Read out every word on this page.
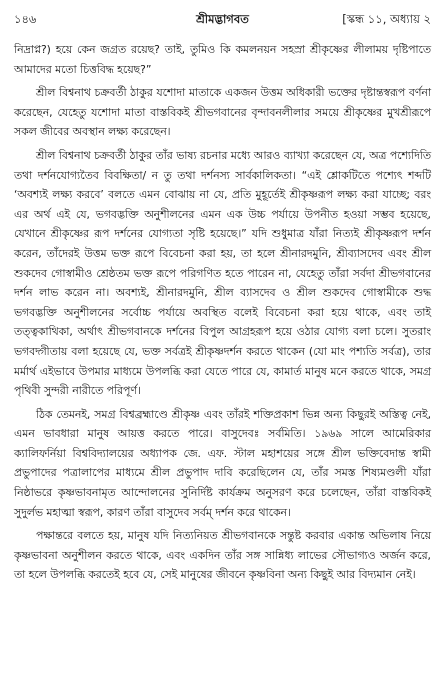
১৪৬	শ্রীমদ্ভাগবত	[স্কন্ধ ১১, অধ্যায় ২

নিদ্রাপ্ন?) হয়ে কেন জগ্রত রয়েছ? তাই, তুমিও কি কমলনয়ন সহস্রা শ্রীকৃষ্ণের লীলাময় দৃষ্টিপাতে আমাদের মতো চিত্তবিদ্ধ হয়েছ?”

শ্রীল বিশ্বনাথ চক্রবর্তী ঠাকুর যশোদা মাতাকে একজন উত্তম অধিকারী ভক্তের দৃষ্টান্তস্বরূপ বর্ণনা করেছেন, যেহেতু যশোদা মাতা বাস্তবিকই শ্রীভগবানের বৃন্দাবনলীলার সময়ে শ্রীকৃষ্ণের মুখশ্রীরূপে সকল জীবের অবস্থান লক্ষ্য করেছেন।

শ্রীল বিশ্বনাথ চক্রবর্তী ঠাকুর তাঁর ভাষ্য রচনার মধ্যে আরও ব্যাখ্যা করেছেন যে, অত্র পশ্যেদিতি তথা দর্শনযোগ্যতৈব বিবক্ষিতা/ ন তু তথা দর্শনস্য সার্বকালিকতা। “এই শ্লোকটিতে পশ্যেৎ শব্দটি ‘অবশ্যই লক্ষ্য করবে’ বলতে এমন বোঝায় না যে, প্রতি মুহূর্তেই শ্রীকৃষ্ণরূপ লক্ষ্য করা যাচ্ছে; বরং এর অর্থ এই যে, ভগবদ্ভক্তি অনুশীলনের এমন এক উচ্চ পর্যায়ে উপনীত হওয়া সম্ভব হয়েছে, যেখানে শ্রীকৃষ্ণের রূপ দর্শনের যোগ্যতা সৃষ্টি হয়েছে।” যদি শুধুমাত্র যাঁরা নিত্যই শ্রীকৃষ্ণরূপ দর্শন করেন, তাঁদেরই উত্তম ভক্ত রূপে বিবেচনা করা হয়, তা হলে শ্রীনারদমুনি, শ্রীব্যাসদেব এবং শ্রীল শুকদেব গোস্বামীও শ্রেষ্ঠতম ভক্ত রূপে পরিগণিত হতে পারেন না, যেহেতু তাঁরা সর্বদা শ্রীভগবানের দর্শন লাভ করেন না। অবশ্যই, শ্রীনারদমুনি, শ্রীল ব্যাসদেব ও শ্রীল শুকদেব গোস্বামীকে শুদ্ধ ভগবদ্ভক্তি অনুশীলনের সর্বোচ্চ পর্যায়ে অবস্থিত বলেই বিবেচনা করা হয়ে থাকে, এবং তাই তত্ত্বকাথিকা, অর্থাৎ শ্রীভগবানকে দর্শনের বিপুল আগ্রহরূপ হয়ে ওঠার যোগ্য বলা চলে। সুতরাং ভগবদ্গীতায় বলা হয়েছে যে, ভক্ত সর্বত্রই শ্রীকৃষ্ণদর্শন করতে থাকেন (যো মাং পশ্যতি সর্বত্র), তার মর্মার্থ এইভাবে উপমার মাধ্যমে উপলব্ধি করা যেতে পারে যে, কামার্ত মানুষ মনে করতে থাকে, সমগ্র পৃথিবী সুন্দরী নারীতে পরিপূর্ণ।

ঠিক তেমনই, সমগ্র বিশ্বব্রহ্মাণ্ডে শ্রীকৃষ্ণ এবং তাঁরই শক্তিপ্রকাশ ভিন্ন অন্য কিছুরই অস্তিত্ব নেই, এমন ভাবধারা মানুষ আয়ত্ত করতে পারে। বাসুদেবঃ সর্বমিতি। ১৯৬৯ সালে আমেরিকার ক্যালিফর্নিয়া বিশ্ববিদ্যালয়ের অধ্যাপক জে. এফ. স্টাল মহাশয়ের সঙ্গে শ্রীল ভক্তিবেদান্ত স্বামী প্রভুপাদের পত্রালাপের মাধ্যমে শ্রীল প্রভুপাদ দাবি করেছিলেন যে, তাঁর সমস্ত শিষ্যমণ্ডলী যাঁরা নিষ্ঠাভরে কৃষ্ণভাবনামৃত আন্দোলনের সুনির্দিষ্ট কার্যক্রম অনুসরণ করে চলেছেন, তাঁরা বাস্তবিকই সুদুর্লভ মহাত্মা স্বরূপ, কারণ তাঁরা বাসুদেব সর্বম্ দর্শন করে থাকেন।

পক্ষান্তরে বলতে হয়, মানুষ যদি নিত্যনিয়ত শ্রীভগবানকে সন্তুষ্ট করবার একান্ত অভিলাষ নিয়ে কৃষ্ণভাবনা অনুশীলন করতে থাকে, এবং একদিন তাঁর সঙ্গ সান্নিধ্য লাভের সৌভাগ্যও অর্জন করে, তা হলে উপলব্ধি করতেই হবে যে, সেই মানুষের জীবনে কৃষ্ণবিনা অন্য কিছুই আর বিদ্যমান নেই।
